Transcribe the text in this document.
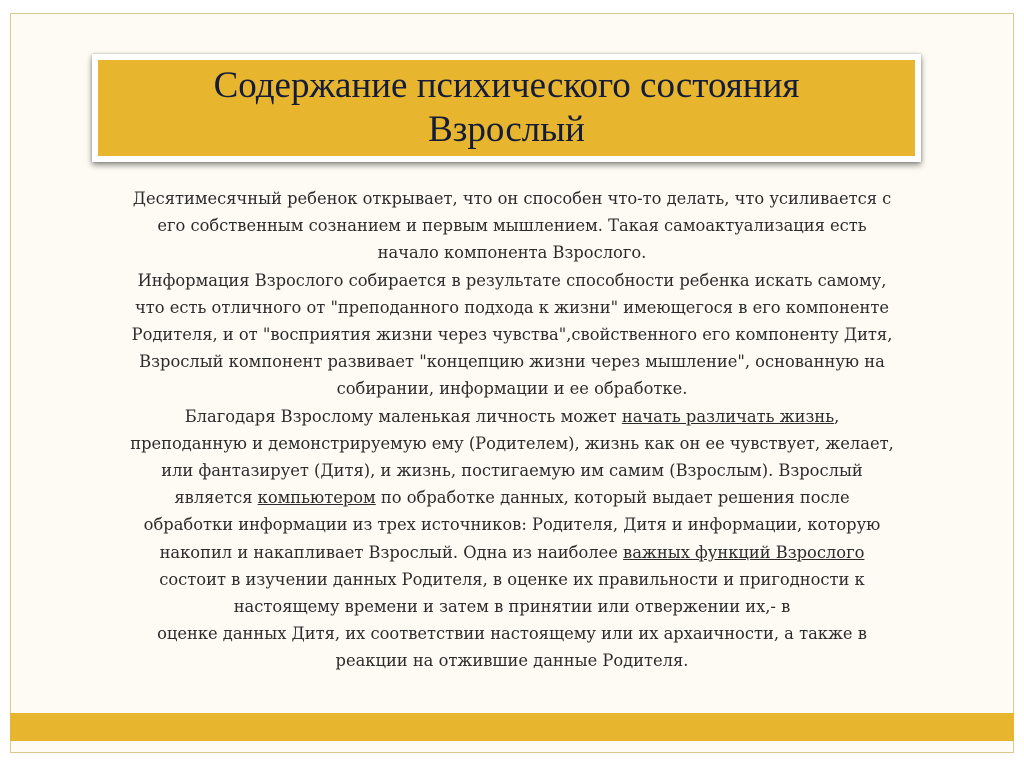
Содержание психического состояния
Взрослый
Десятимесячный ребенок открывает, что он способен что-то делать, что усиливается с
его собственным сознанием и первым мышлением. Такая самоактуализация есть
начало компонента Взрослого.
Информация Взрослого собирается в результате способности ребенка искать самому,
что есть отличного от "преподанного подхода к жизни" имеющегося в его компоненте
Родителя, и от "восприятия жизни через чувства",свойственного его компоненту Дитя,
Взрослый компонент развивает "концепцию жизни через мышление", основанную на
собирании, информации и ее обработке.
Благодаря Взрослому маленькая личность может начать различать жизнь,
преподанную и демонстрируемую ему (Родителем), жизнь как он ее чувствует, желает,
или фантазирует (Дитя), и жизнь, постигаемую им самим (Взрослым). Взрослый
является компьютером по обработке данных, который выдает решения после
обработки информации из трех источников: Родителя, Дитя и информации, которую
накопил и накапливает Взрослый. Одна из наиболее важных функций Взрослого
состоит в изучении данных Родителя, в оценке их правильности и пригодности к
настоящему времени и затем в принятии или отвержении их,- в
оценке данных Дитя, их соответствии настоящему или их архаичности, а также в
реакции на отжившие данные Родителя.
